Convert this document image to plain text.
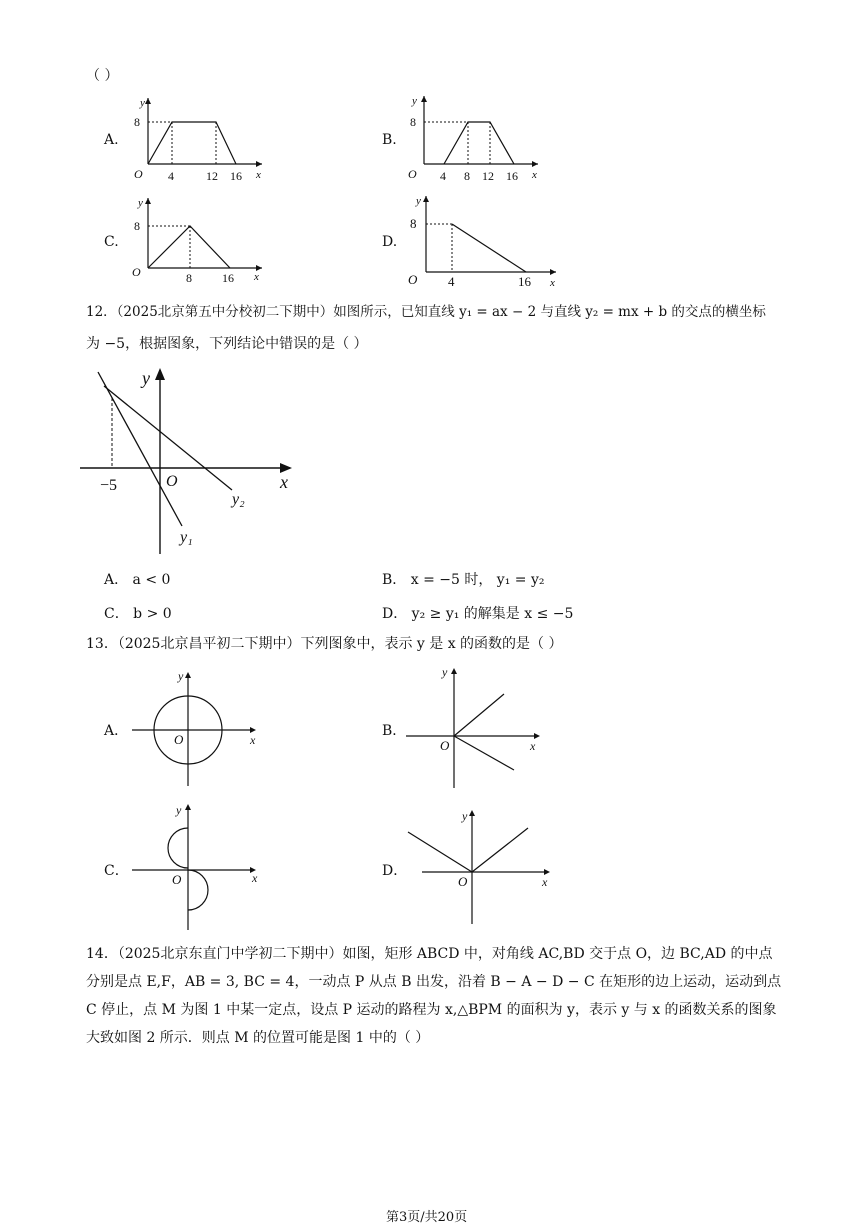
（ ）
A.	B.
C.	D.
y
8
O 4	12 16 x
y
8
O 4 8 12 16 x
y
8
O	8	16 x
y
8
O 4	16 x
12．（2025北京第五中分校初二下期中）如图所示，已知直线 y₁ = ax − 2 与直线 y₂ = mx + b 的交点的横坐标
为 −5，根据图象，下列结论中错误的是（ ）
y
x
O
−5
y₂
y₁
A． a < 0	B． x = −5 时， y₁ = y₂
C． b > 0	D． y₂ ≥ y₁ 的解集是 x ≤ −5
13．（2025北京昌平初二下期中）下列图象中，表示 y 是 x 的函数的是（ ）
A．	B．
C．	D．
y
x
O
y
x
O
y
x
O
y
x
O
14．（2025北京东直门中学初二下期中）如图，矩形 ABCD 中，对角线 AC,BD 交于点 O，边 BC,AD 的中点分别是点 E,F，AB = 3, BC = 4，一动点 P 从点 B 出发，沿着 B − A − D − C 在矩形的边上运动，运动到点 C 停止，点 M 为图 1 中某一定点，设点 P 运动的路程为 x,△BPM 的面积为 y，表示 y 与 x 的函数关系的图象大致如图 2 所示．则点 M 的位置可能是图 1 中的（ ）
第3页/共20页
